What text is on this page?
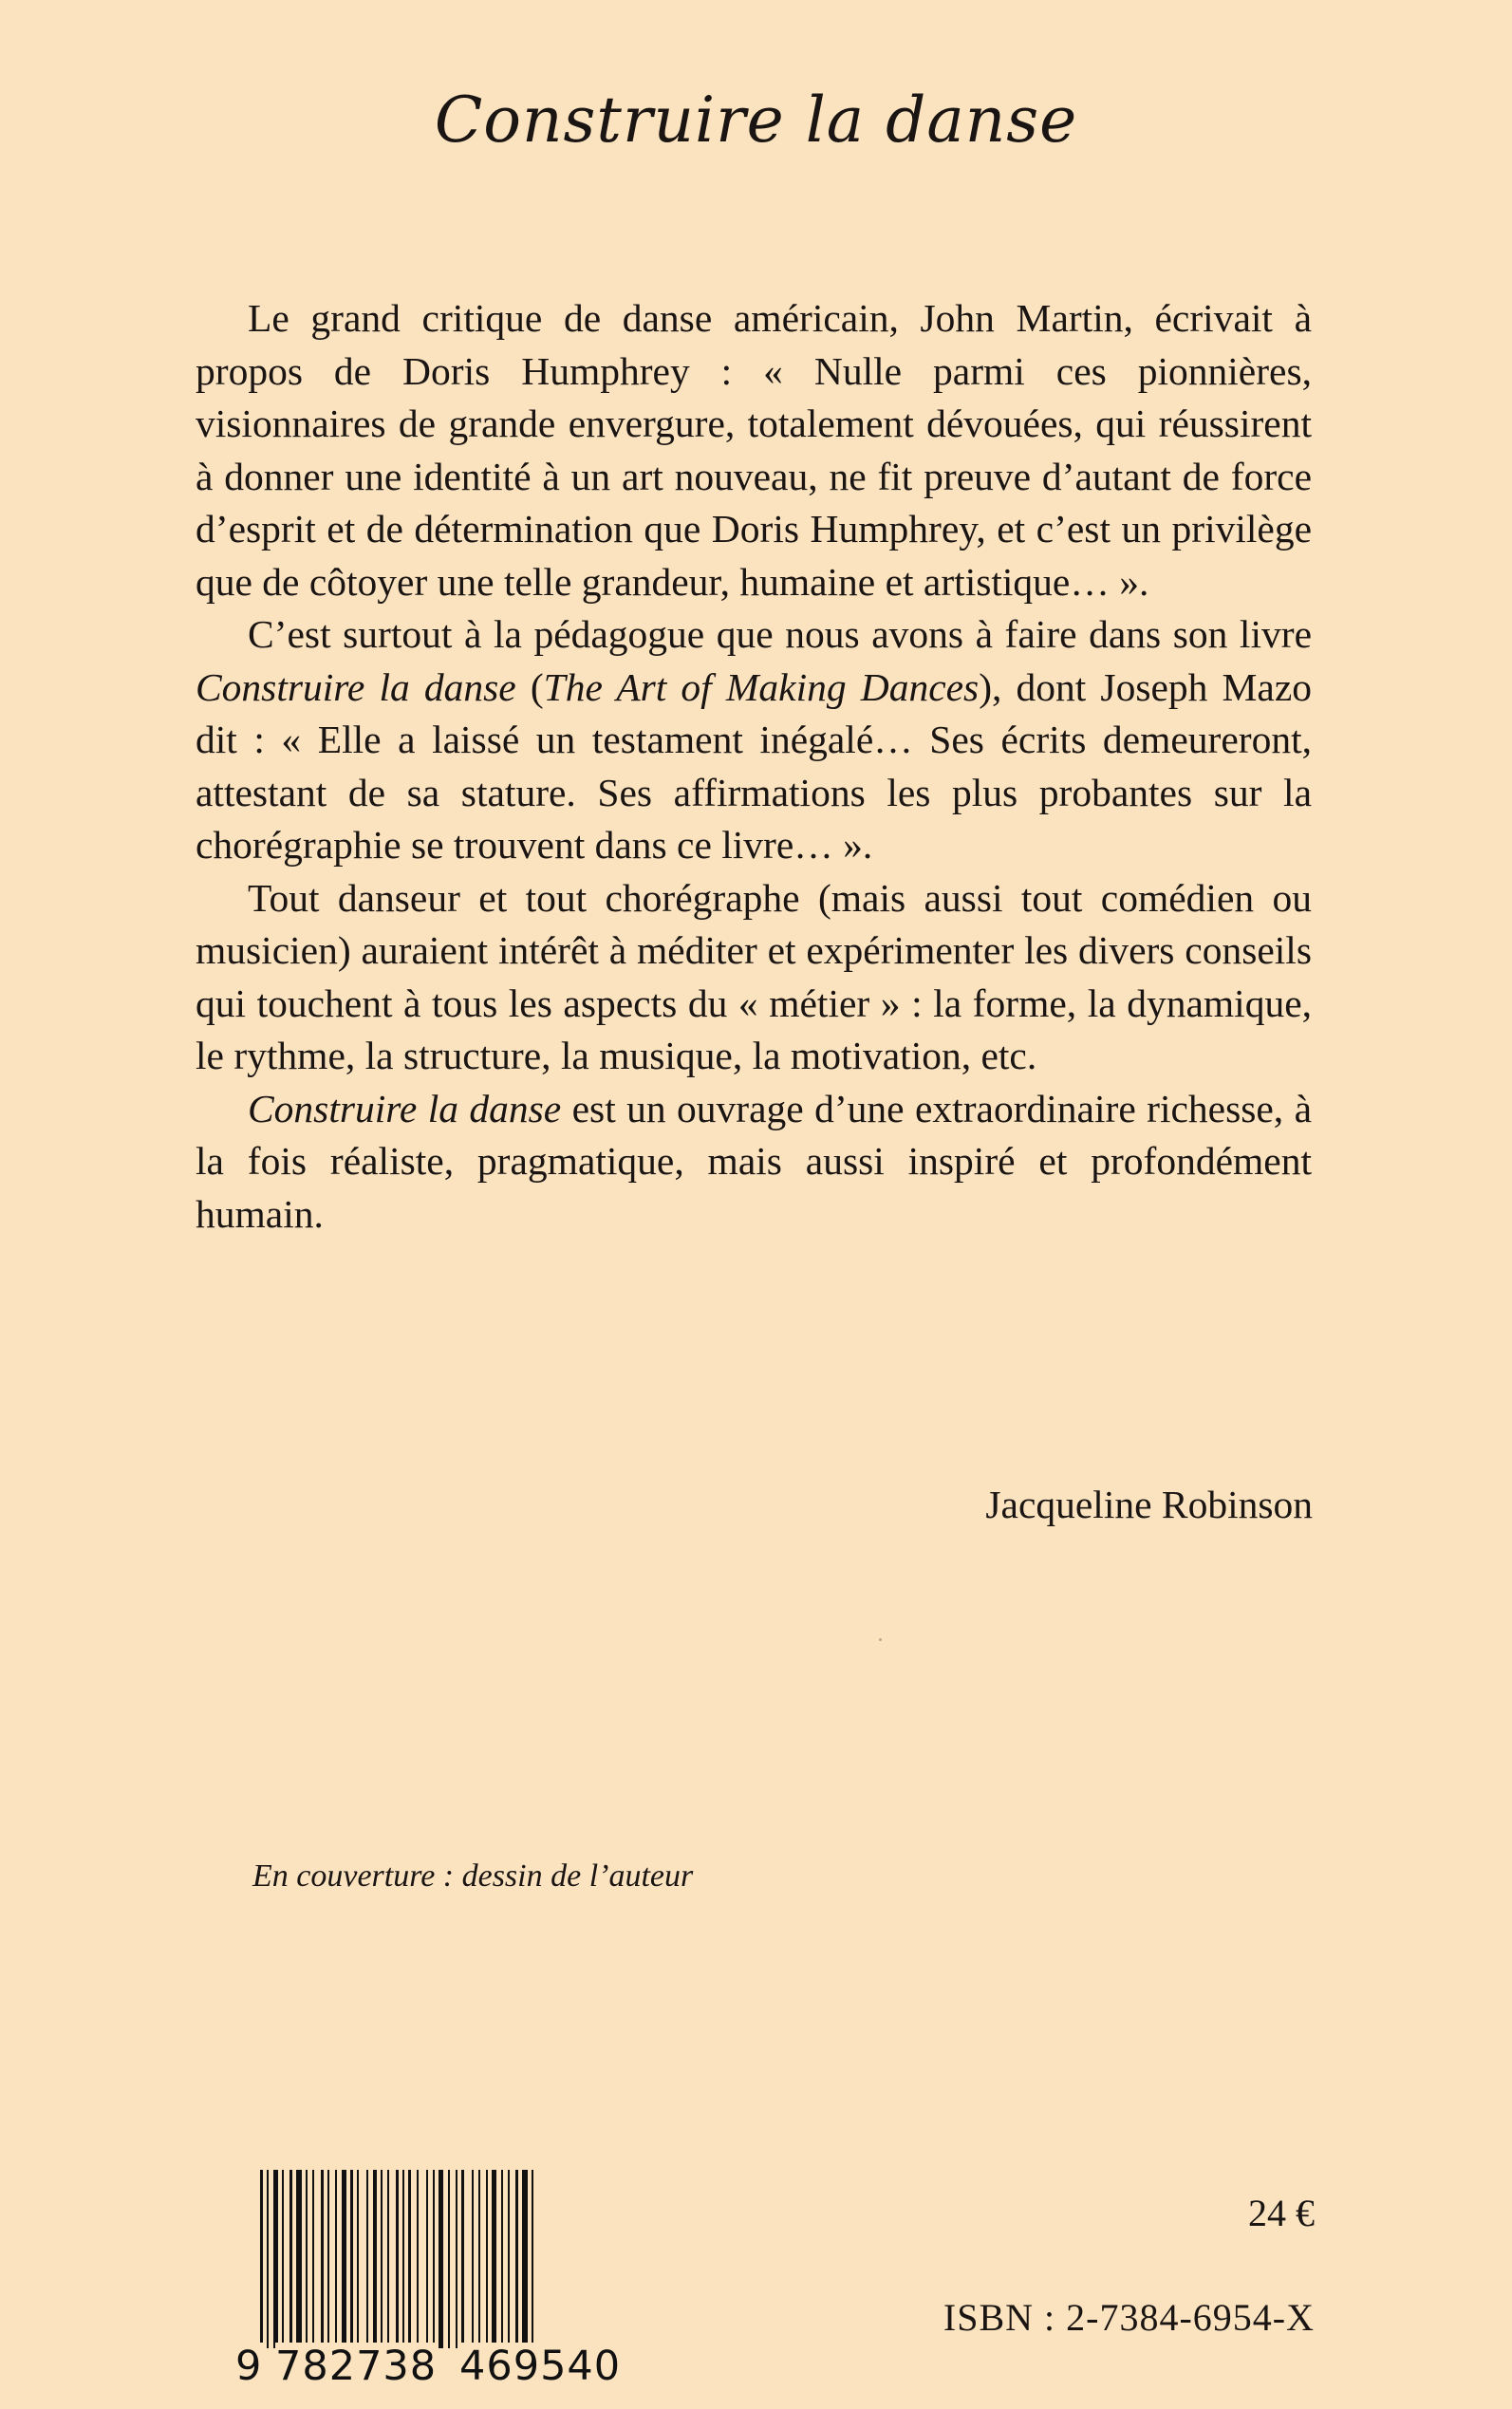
Construire la danse

Le grand critique de danse américain, John Martin, écrivait à propos de Doris Humphrey : « Nulle parmi ces pionnières, visionnaires de grande envergure, totalement dévouées, qui réussirent à donner une identité à un art nouveau, ne fit preuve d’autant de force d’esprit et de détermination que Doris Humphrey, et c’est un privilège que de côtoyer une telle grandeur, humaine et artistique… ».

C’est surtout à la pédagogue que nous avons à faire dans son livre Construire la danse (The Art of Making Dances), dont Joseph Mazo dit : « Elle a laissé un testament inégalé… Ses écrits demeureront, attestant de sa stature. Ses affirmations les plus probantes sur la chorégraphie se trouvent dans ce livre… ».

Tout danseur et tout chorégraphe (mais aussi tout comédien ou musicien) auraient intérêt à méditer et expérimenter les divers conseils qui touchent à tous les aspects du « métier » : la forme, la dynamique, le rythme, la structure, la musique, la motivation, etc.

Construire la danse est un ouvrage d’une extraordinaire richesse, à la fois réaliste, pragmatique, mais aussi inspiré et profondément humain.

Jacqueline Robinson
En couverture : dessin de l’auteur
9 782738 469540
24 €
ISBN : 2-7384-6954-X
